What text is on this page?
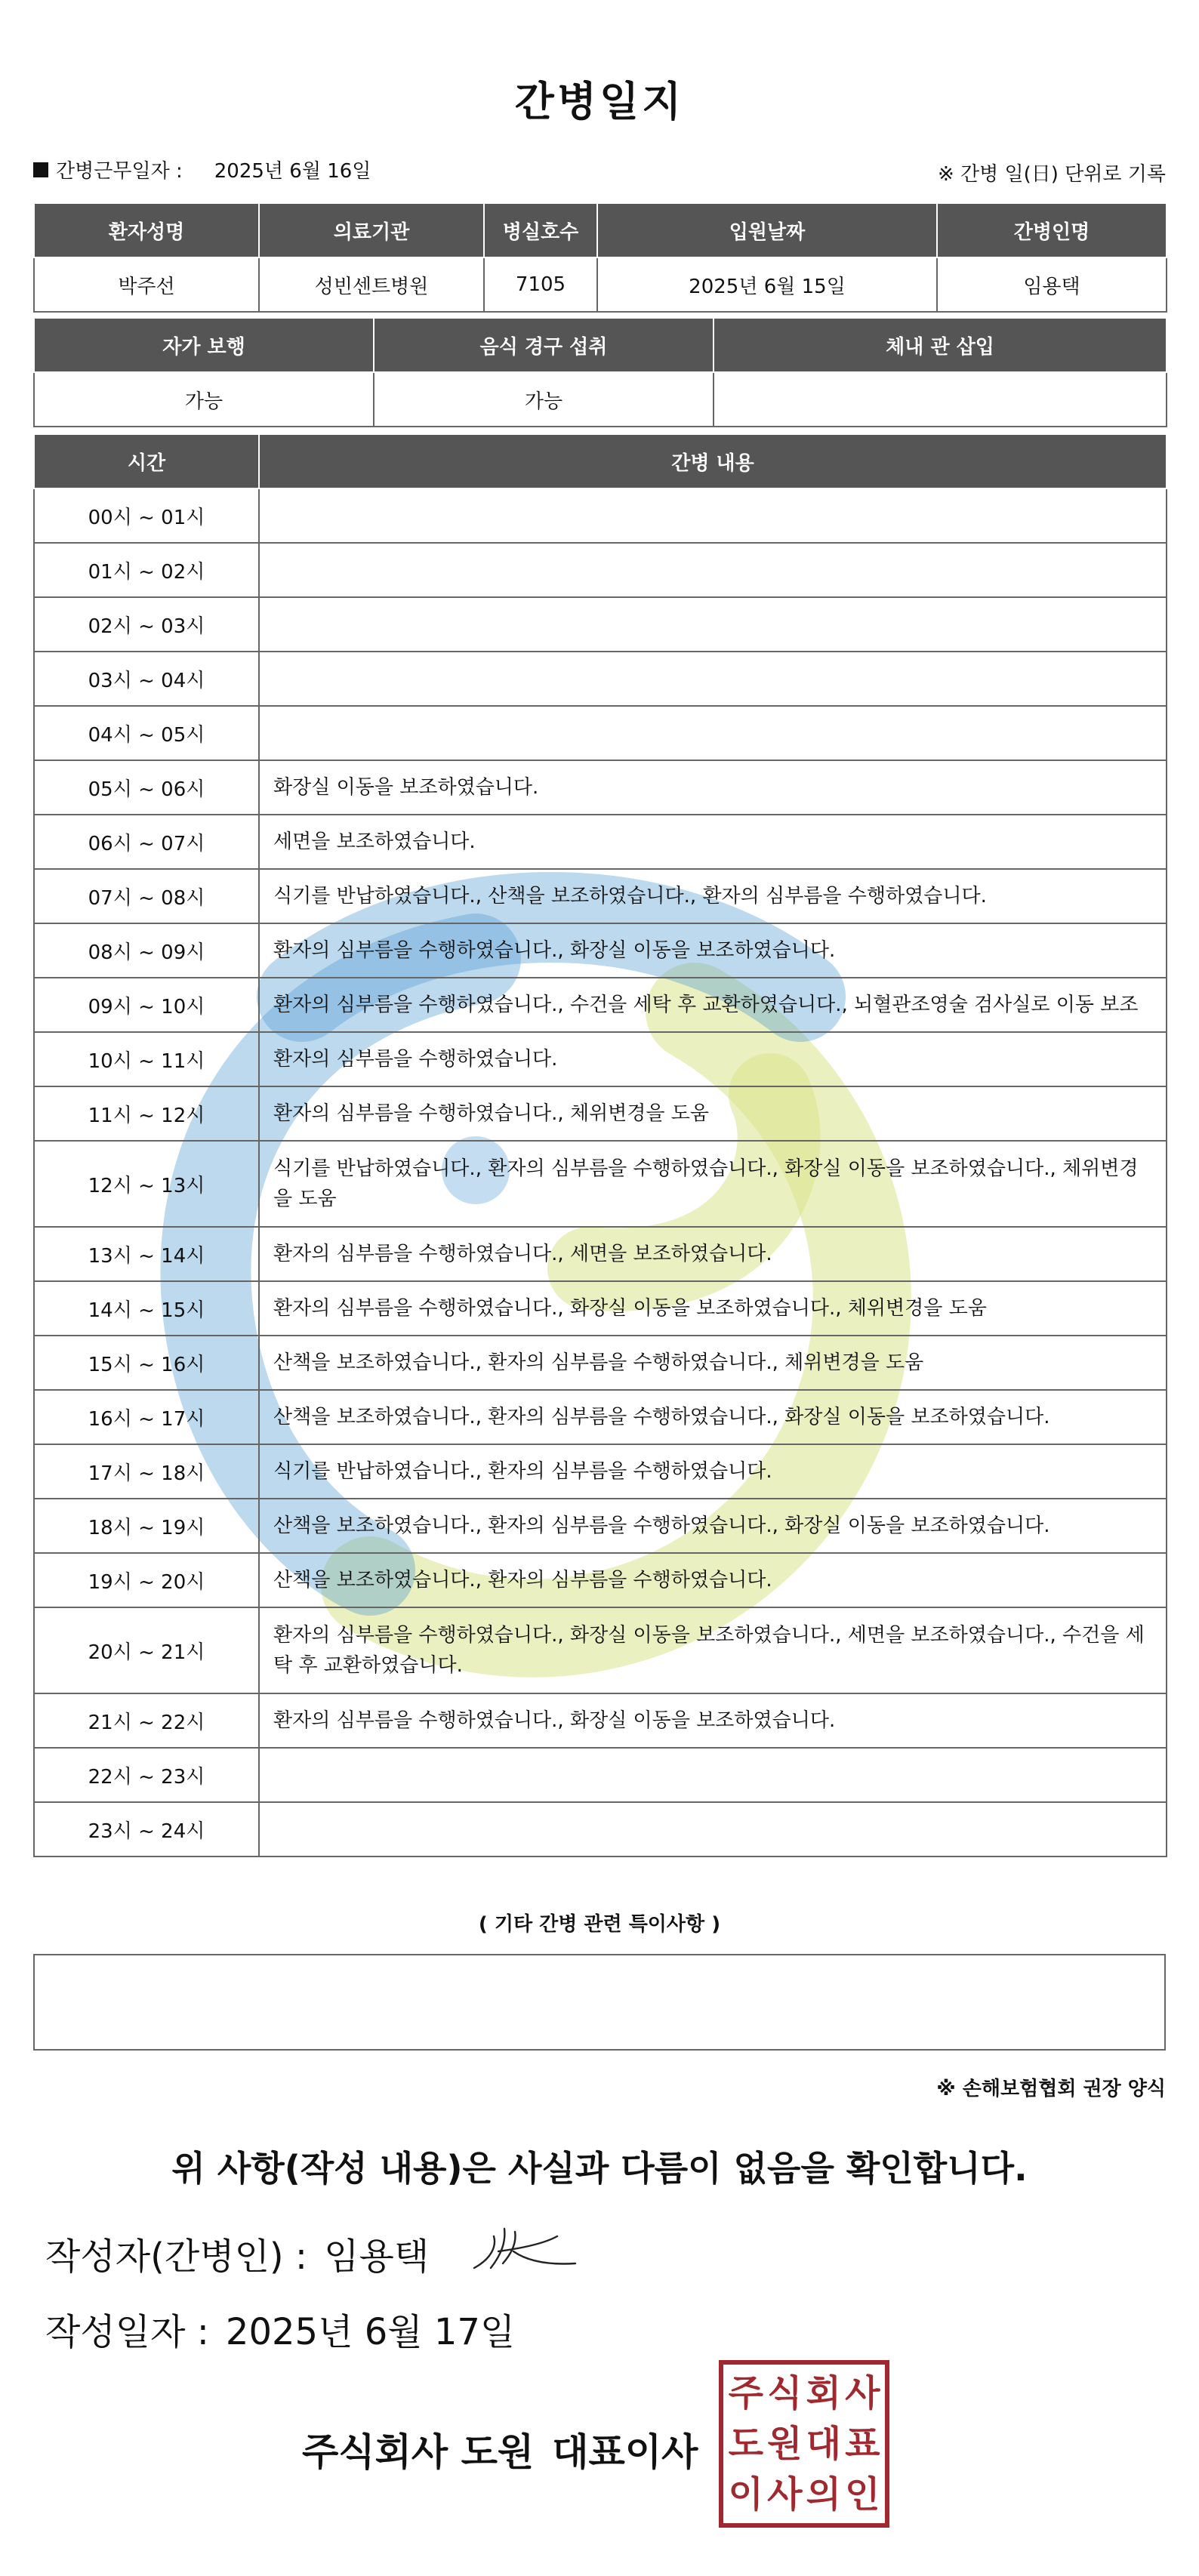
간병일지
간병근무일자 : 2025년 6월 16일	※ 간병 일(日) 단위로 기록
환자성명	의료기관	병실호수	입원날짜	간병인명
박주선	성빈센트병원	7105	2025년 6월 15일	임용택
자가 보행	음식 경구 섭취	체내 관 삽입
가능	가능	
시간	간병 내용
00시 ~ 01시	
01시 ~ 02시	
02시 ~ 03시	
03시 ~ 04시	
04시 ~ 05시	
05시 ~ 06시	화장실 이동을 보조하였습니다.
06시 ~ 07시	세면을 보조하였습니다.
07시 ~ 08시	식기를 반납하였습니다., 산책을 보조하였습니다., 환자의 심부름을 수행하였습니다.
08시 ~ 09시	환자의 심부름을 수행하였습니다., 화장실 이동을 보조하였습니다.
09시 ~ 10시	환자의 심부름을 수행하였습니다., 수건을 세탁 후 교환하였습니다., 뇌혈관조영술 검사실로 이동 보조
10시 ~ 11시	환자의 심부름을 수행하였습니다.
11시 ~ 12시	환자의 심부름을 수행하였습니다., 체위변경을 도움
12시 ~ 13시	식기를 반납하였습니다., 환자의 심부름을 수행하였습니다., 화장실 이동을 보조하였습니다., 체위변경을 도움
13시 ~ 14시	환자의 심부름을 수행하였습니다., 세면을 보조하였습니다.
14시 ~ 15시	환자의 심부름을 수행하였습니다., 화장실 이동을 보조하였습니다., 체위변경을 도움
15시 ~ 16시	산책을 보조하였습니다., 환자의 심부름을 수행하였습니다., 체위변경을 도움
16시 ~ 17시	산책을 보조하였습니다., 환자의 심부름을 수행하였습니다., 화장실 이동을 보조하였습니다.
17시 ~ 18시	식기를 반납하였습니다., 환자의 심부름을 수행하였습니다.
18시 ~ 19시	산책을 보조하였습니다., 환자의 심부름을 수행하였습니다., 화장실 이동을 보조하였습니다.
19시 ~ 20시	산책을 보조하였습니다., 환자의 심부름을 수행하였습니다.
20시 ~ 21시	환자의 심부름을 수행하였습니다., 화장실 이동을 보조하였습니다., 세면을 보조하였습니다., 수건을 세탁 후 교환하였습니다.
21시 ~ 22시	환자의 심부름을 수행하였습니다., 화장실 이동을 보조하였습니다.
22시 ~ 23시	
23시 ~ 24시	
( 기타 간병 관련 특이사항 )
※ 손해보험협회 권장 양식
위 사항(작성 내용)은 사실과 다름이 없음을 확인합니다.
작성자(간병인) : 임용택
작성일자 : 2025년 6월 17일
주식회사 도원 대표이사
주 식 회 사
도 원 대 표
이 사 의 인
